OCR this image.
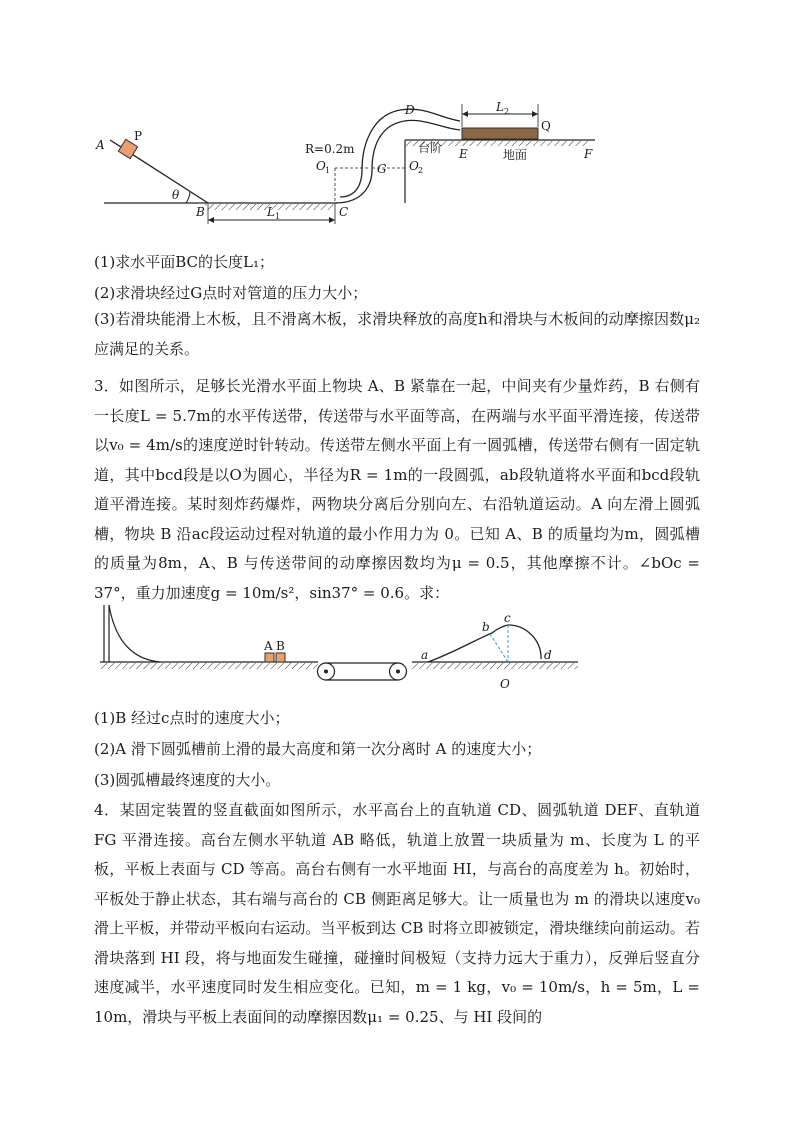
A
P
θ
B	L 1	C
R=0.2m
O 1
D
G O 2
台阶
L 2
Q
E	地面	F
(1)求水平面BC的长度L₁；
(2)求滑块经过G点时对管道的压力大小；
(3)若滑块能滑上木板，且不滑离木板，求滑块释放的高度h和滑块与木板间的动摩擦因数μ₂应满足的关系。
3．如图所示，足够长光滑水平面上物块 A、B 紧靠在一起，中间夹有少量炸药，B 右侧有一长度L = 5.7m的水平传送带，传送带与水平面等高，在两端与水平面平滑连接，传送带以v₀ = 4m/s的速度逆时针转动。传送带左侧水平面上有一圆弧槽，传送带右侧有一固定轨道，其中bcd段是以O为圆心，半径为R = 1m的一段圆弧，ab段轨道将水平面和bcd段轨道平滑连接。某时刻炸药爆炸，两物块分离后分别向左、右沿轨道运动。A 向左滑上圆弧槽，物块 B 沿ac段运动过程对轨道的最小作用力为 0。已知 A、B 的质量均为m，圆弧槽的质量为8m，A、B 与传送带间的动摩擦因数均为μ = 0.5，其他摩擦不计。∠bOc = 37°，重力加速度g = 10m/s²，sin37° = 0.6。求：
A B
a
b
c
d
O
(1)B 经过c点时的速度大小；
(2)A 滑下圆弧槽前上滑的最大高度和第一次分离时 A 的速度大小；
(3)圆弧槽最终速度的大小。
4．某固定装置的竖直截面如图所示，水平高台上的直轨道 CD、圆弧轨道 DEF、直轨道 FG 平滑连接。高台左侧水平轨道 AB 略低，轨道上放置一块质量为 m、长度为 L 的平板，平板上表面与 CD 等高。高台右侧有一水平地面 HI，与高台的高度差为 h。初始时，平板处于静止状态，其右端与高台的 CB 侧距离足够大。让一质量也为 m 的滑块以速度v₀滑上平板，并带动平板向右运动。当平板到达 CB 时将立即被锁定，滑块继续向前运动。若滑块落到 HI 段，将与地面发生碰撞，碰撞时间极短（支持力远大于重力），反弹后竖直分速度减半，水平速度同时发生相应变化。已知，m = 1 kg，v₀ = 10m/s，h = 5m，L = 10m，滑块与平板上表面间的动摩擦因数μ₁ = 0.25、与 HI 段间的
